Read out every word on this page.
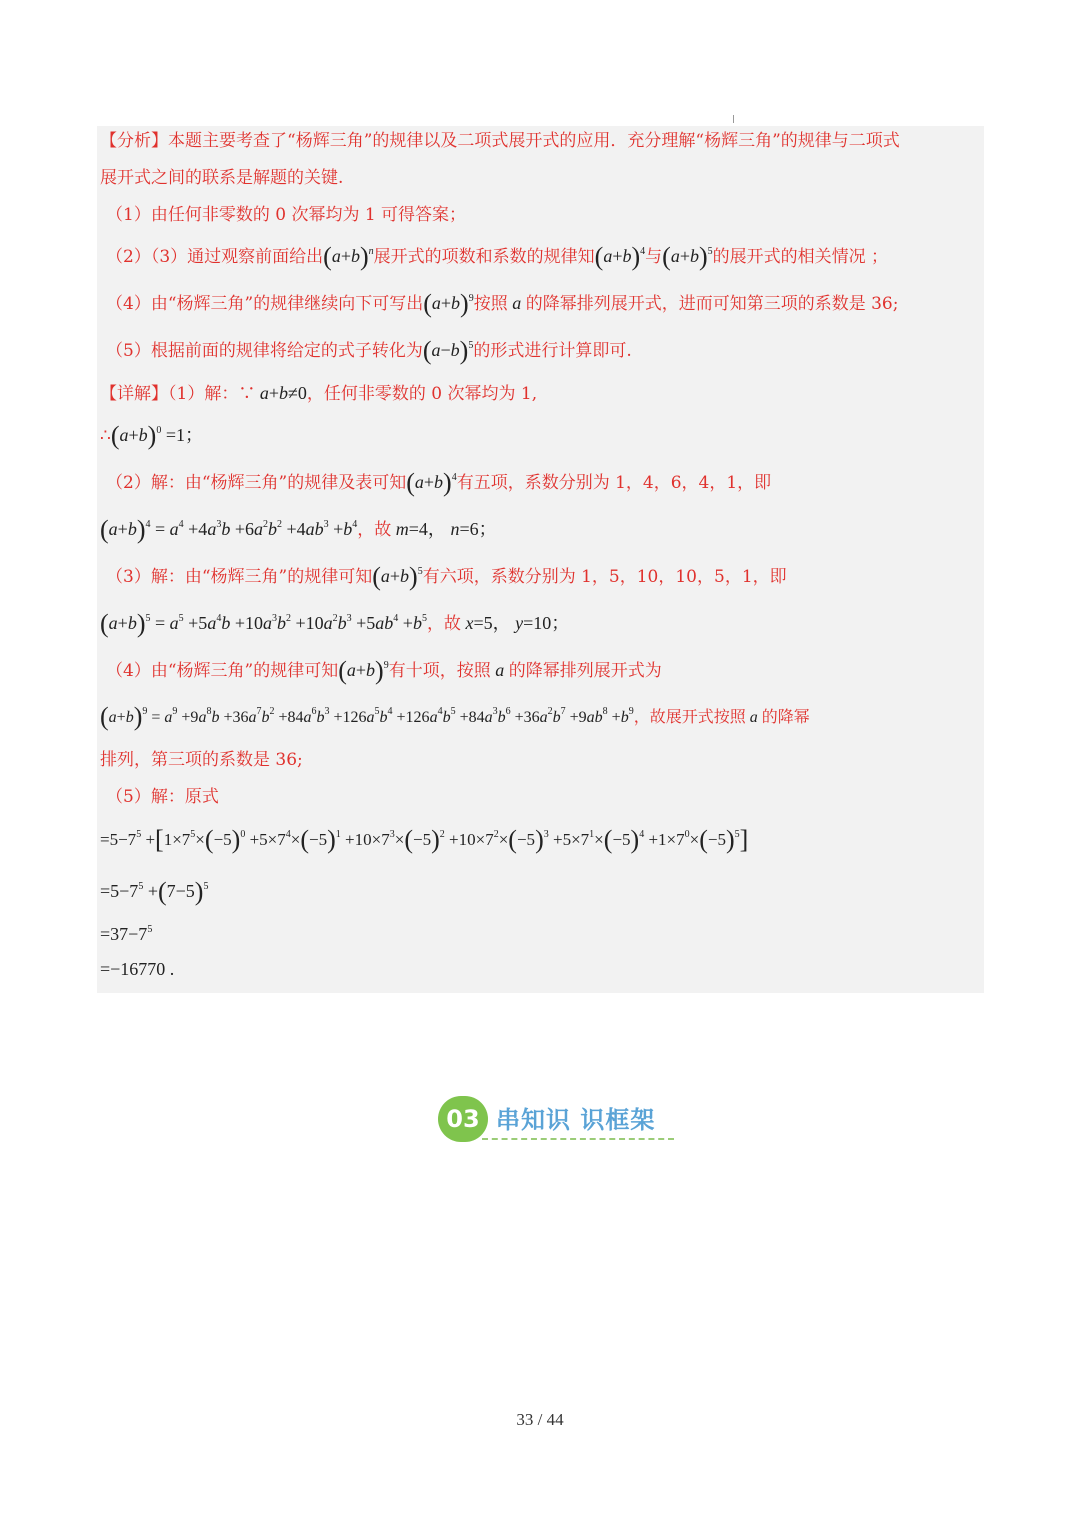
【分析】本题主要考查了“杨辉三角”的规律以及二项式展开式的应用．充分理解“杨辉三角”的规律与二项式
展开式之间的联系是解题的关键.
（1）由任何非零数的 0 次幂均为 1 可得答案；
（2）（3）通过观察前面给出$(a+b)^n$展开式的项数和系数的规律知$(a+b)^4$与$(a+b)^5$的展开式的相关情况 ；
（4）由“杨辉三角”的规律继续向下可写出$(a+b)^9$按照 a 的降幂排列展开式，进而可知第三项的系数是 36;
（5）根据前面的规律将给定的式子转化为$(a-b)^5$的形式进行计算即可.
【详解】（1）解：∵ a+b≠0，任何非零数的 0 次幂均为 1,
$\therefore(a+b)^0 =1$；
（2）解：由“杨辉三角”的规律及表可知$(a+b)^4$有五项，系数分别为 1，4，6，4，1，即
$(a+b)^4 = a^4 +4a^3b +6a^2b^2 +4ab^3 +b^4$，故 m=4， n=6；
（3）解：由“杨辉三角”的规律可知$(a+b)^5$有六项，系数分别为 1，5，10，10，5，1，即
$(a+b)^5 = a^5 +5a^4b +10a^3b^2 +10a^2b^3 +5ab^4 +b^5$，故 x=5， y=10；
（4）由“杨辉三角”的规律可知$(a+b)^9$有十项，按照 a 的降幂排列展开式为
$(a+b)^9 = a^9 +9a^8b +36a^7b^2 +84a^6b^3 +126a^5b^4 +126a^4b^5 +84a^3b^6 +36a^2b^7 +9ab^8 +b^9$，故展开式按照 a 的降幂
排列，第三项的系数是 36;
（5）解：原式
$=5-7^5 +[1\times 7^5\times(-5)^0 +5\times 7^4\times(-5)^1 +10\times 7^3\times(-5)^2 +10\times 7^2\times(-5)^3 +5\times 7^1\times(-5)^4 +1\times 7^0\times(-5)^5]$
$=5-7^5 +(7-5)^5$
$=37-7^5$
=−16770 .
03 串知识 识框架
33 / 44
